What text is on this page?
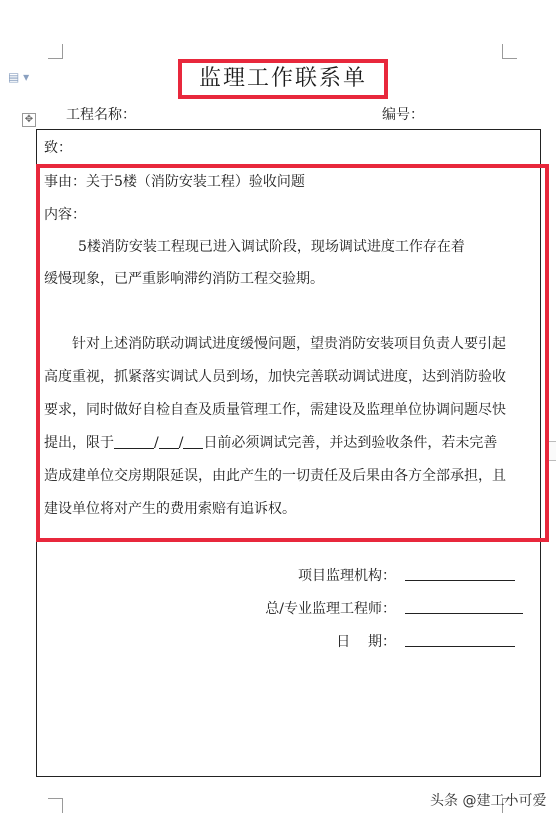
▤ ▾
✥
监理工作联系单
工程名称：	编号：
致：
事由：关于5楼（消防安装工程）验收问题
内容：
5楼消防安装工程现已进入调试阶段，现场调试进度工作存在着
缓慢现象，已严重影响滞约消防工程交验期。
针对上述消防联动调试进度缓慢问题，望贵消防安装项目负责人要引起
高度重视，抓紧落实调试人员到场，加快完善联动调试进度，达到消防验收
要求，同时做好自检自查及质量管理工作，需建设及监理单位协调问题尽快
提出，限于	/ / 日前必须调试完善，并达到验收条件，若未完善
造成建单位交房期限延误，由此产生的一切责任及后果由各方全部承担，且
建设单位将对产生的费用索赔有追诉权。
项目监理机构：
总/专业监理工程师：
日    期：
头条 @建工小可爱
